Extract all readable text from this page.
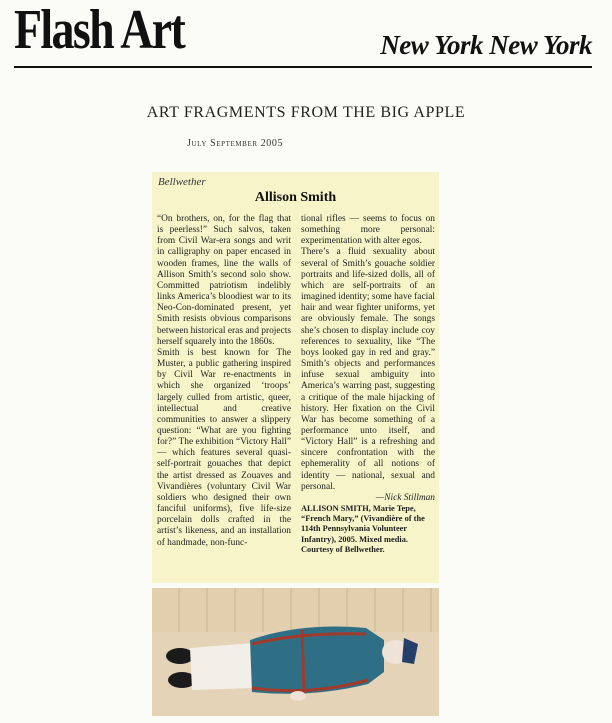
Flash Art	New York New York
ART FRAGMENTS FROM THE BIG APPLE
July September 2005
Bellwether
Allison Smith

“On brothers, on, for the flag that is peerless!” Such salvos, taken from Civil War-era songs and writ in calligraphy on paper encased in wooden frames, line the walls of Allison Smith’s second solo show. Committed patriotism indelibly links America’s bloodiest war to its Neo-Con-dominated present, yet Smith resists obvious comparisons between historical eras and projects herself squarely into the 1860s.

Smith is best known for The Muster, a public gathering inspired by Civil War re-enactments in which she organized ‘troops’ largely culled from artistic, queer, intellectual and creative communities to answer a slippery question: “What are you fighting for?” The exhibition “Victory Hall” — which features several quasi-self-portrait gouaches that depict the artist dressed as Zouaves and Vivandières (voluntary Civil War soldiers who designed their own fanciful uniforms), five life-size porcelain dolls crafted in the artist’s likeness, and an installation of handmade, non-func-

tional rifles — seems to focus on something more personal: experimentation with alter egos.

There’s a fluid sexuality about several of Smith’s gouache soldier portraits and life-sized dolls, all of which are self-portraits of an imagined identity; some have facial hair and wear fighter uniforms, yet are obviously female. The songs she’s chosen to display include coy references to sexuality, like “The boys looked gay in red and gray.” Smith’s objects and performances infuse sexual ambiguity into America’s warring past, suggesting a critique of the male hijacking of history. Her fixation on the Civil War has become something of a performance unto itself, and “Victory Hall” is a refreshing and sincere confrontation with the ephemerality of all notions of identity — national, sexual and personal.

—Nick Stillman

ALLISON SMITH, Marie Tepe, “French Mary,” (Vivandière of the 114th Pennsylvania Volunteer Infantry), 2005. Mixed media. Courtesy of Bellwether.
